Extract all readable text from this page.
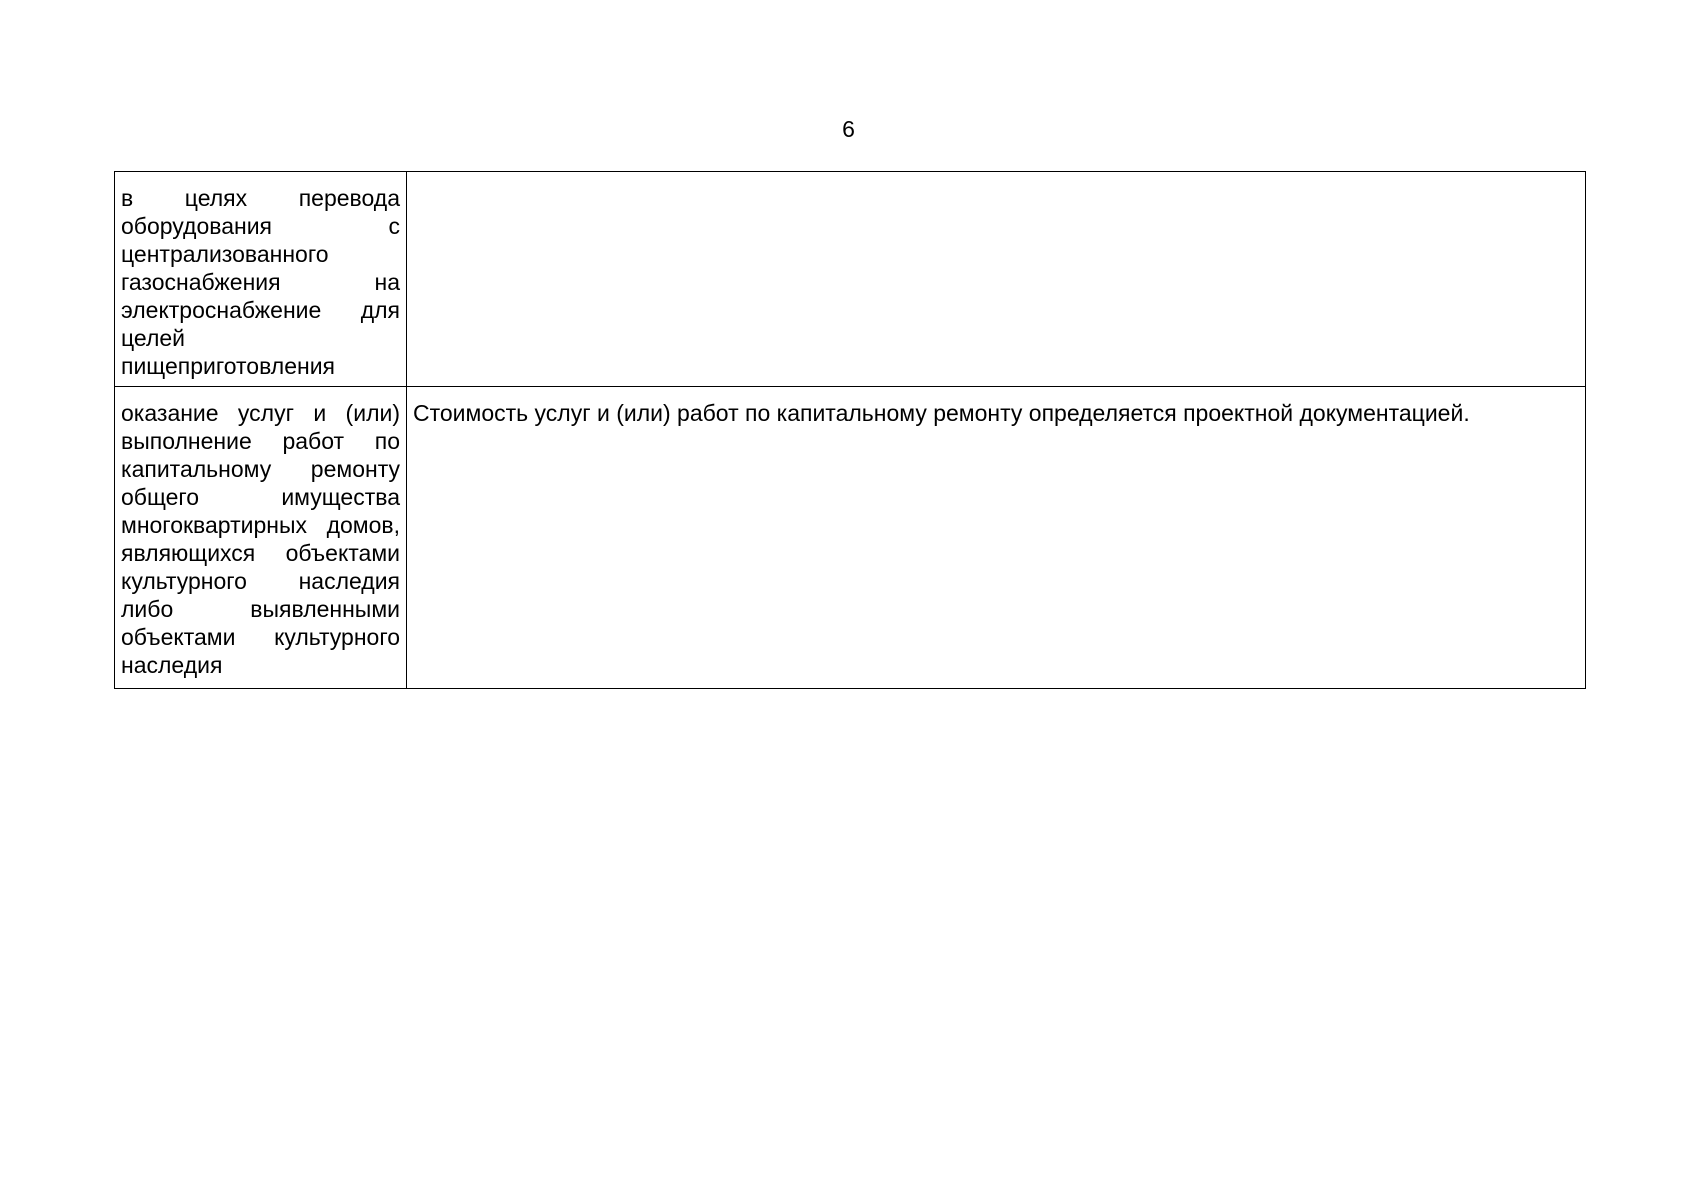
6
в целях перевода оборудования с централизованного газоснабжения на электроснабжение для целей пищеприготовления	
оказание услуг и (или) выполнение работ по капитальному ремонту общего имущества многоквартирных домов, являющихся объектами культурного наследия либо выявленными объектами культурного наследия	Стоимость услуг и (или) работ по капитальному ремонту определяется проектной документацией.
